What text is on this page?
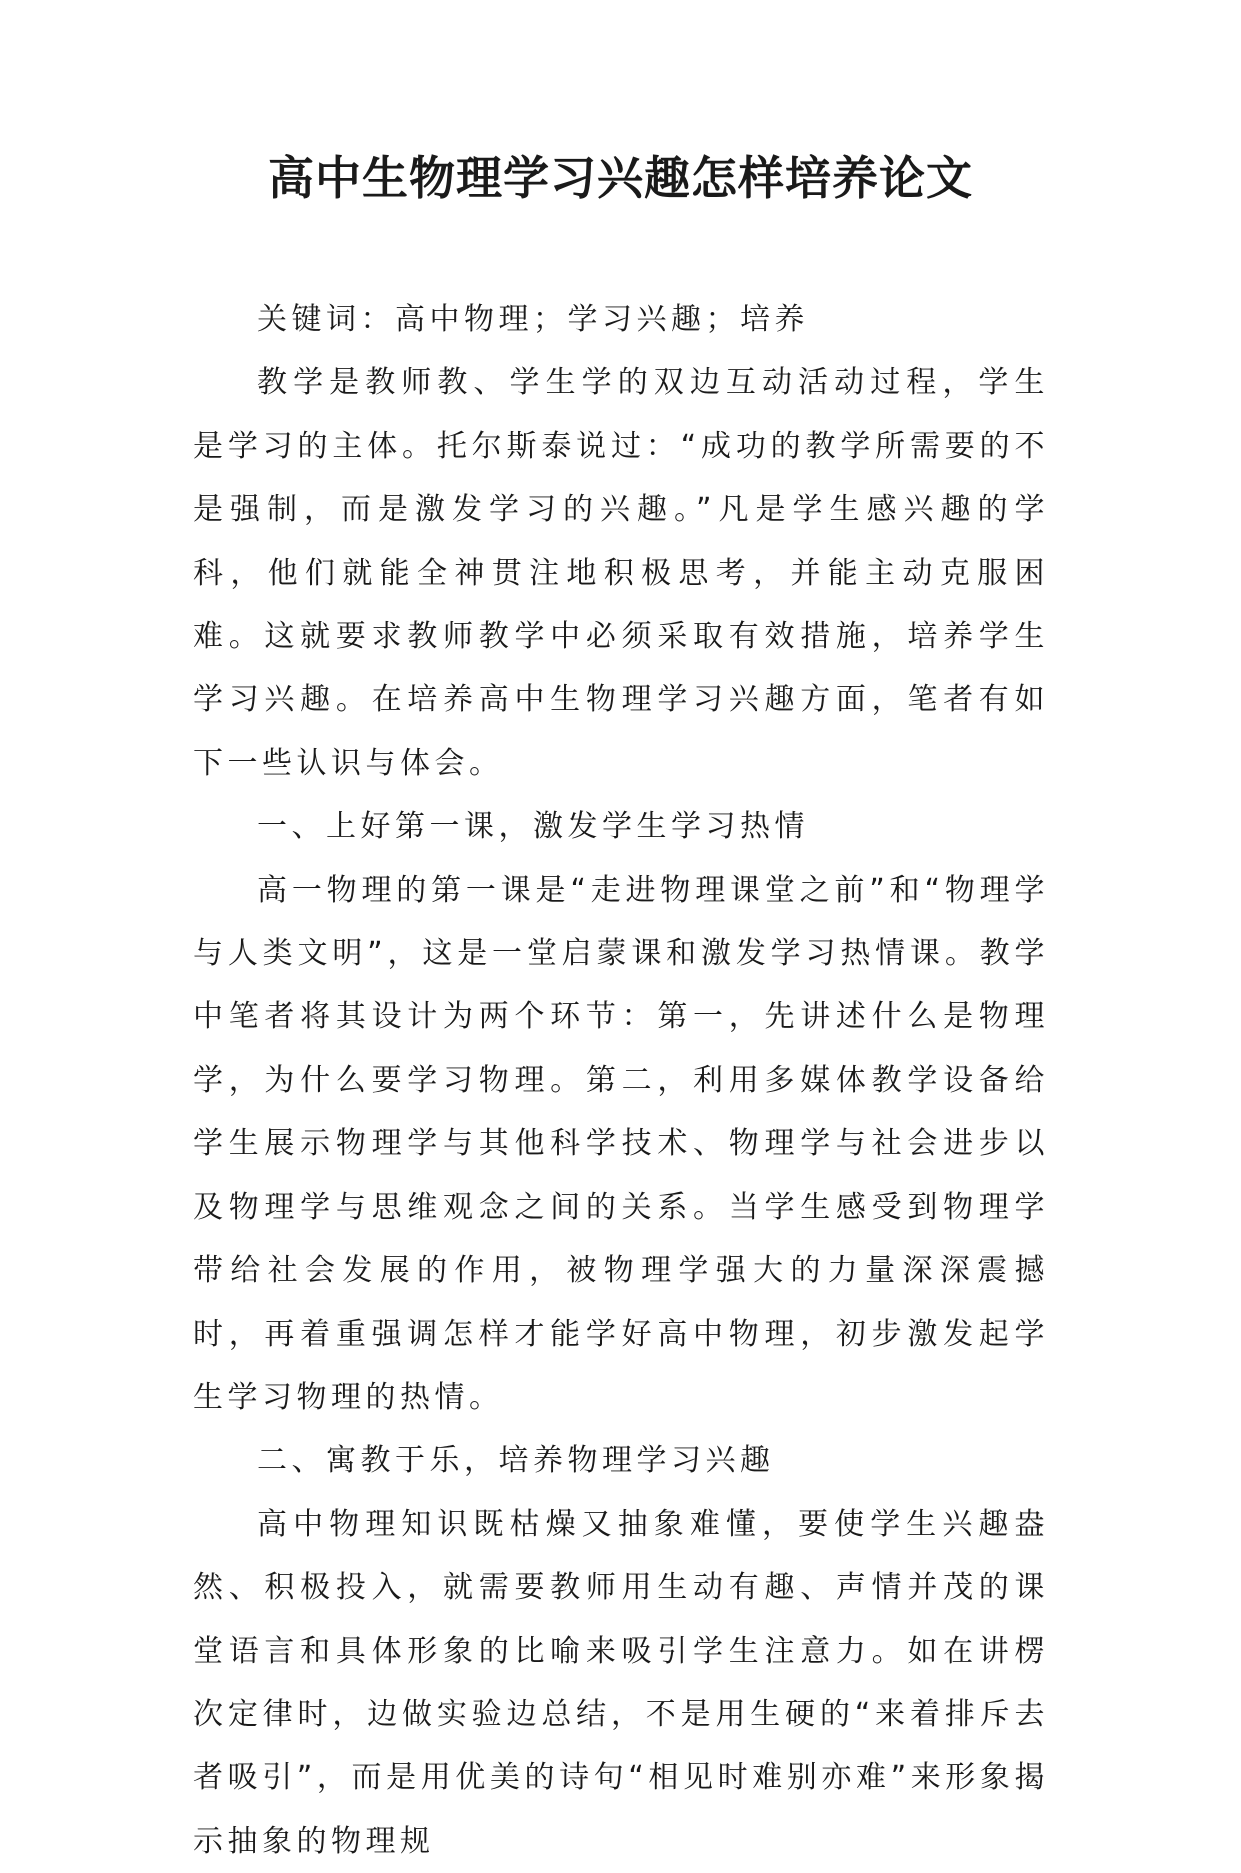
高中生物理学习兴趣怎样培养论文

关键词：高中物理；学习兴趣；培养

教学是教师教、学生学的双边互动活动过程，学生是学习的主体。托尔斯泰说过：“成功的教学所需要的不是强制，而是激发学习的兴趣。”凡是学生感兴趣的学科，他们就能全神贯注地积极思考，并能主动克服困难。这就要求教师教学中必须采取有效措施，培养学生学习兴趣。在培养高中生物理学习兴趣方面，笔者有如下一些认识与体会。

一、上好第一课，激发学生学习热情

高一物理的第一课是“走进物理课堂之前”和“物理学与人类文明”，这是一堂启蒙课和激发学习热情课。教学中笔者将其设计为两个环节：第一，先讲述什么是物理学，为什么要学习物理。第二，利用多媒体教学设备给学生展示物理学与其他科学技术、物理学与社会进步以及物理学与思维观念之间的关系。当学生感受到物理学带给社会发展的作用，被物理学强大的力量深深震撼时，再着重强调怎样才能学好高中物理，初步激发起学生学习物理的热情。

二、寓教于乐，培养物理学习兴趣

高中物理知识既枯燥又抽象难懂，要使学生兴趣盎然、积极投入，就需要教师用生动有趣、声情并茂的课堂语言和具体形象的比喻来吸引学生注意力。如在讲楞次定律时，边做实验边总结，不是用生硬的“来着排斥去者吸引”，而是用优美的诗句“相见时难别亦难”来形象揭示抽象的物理规
